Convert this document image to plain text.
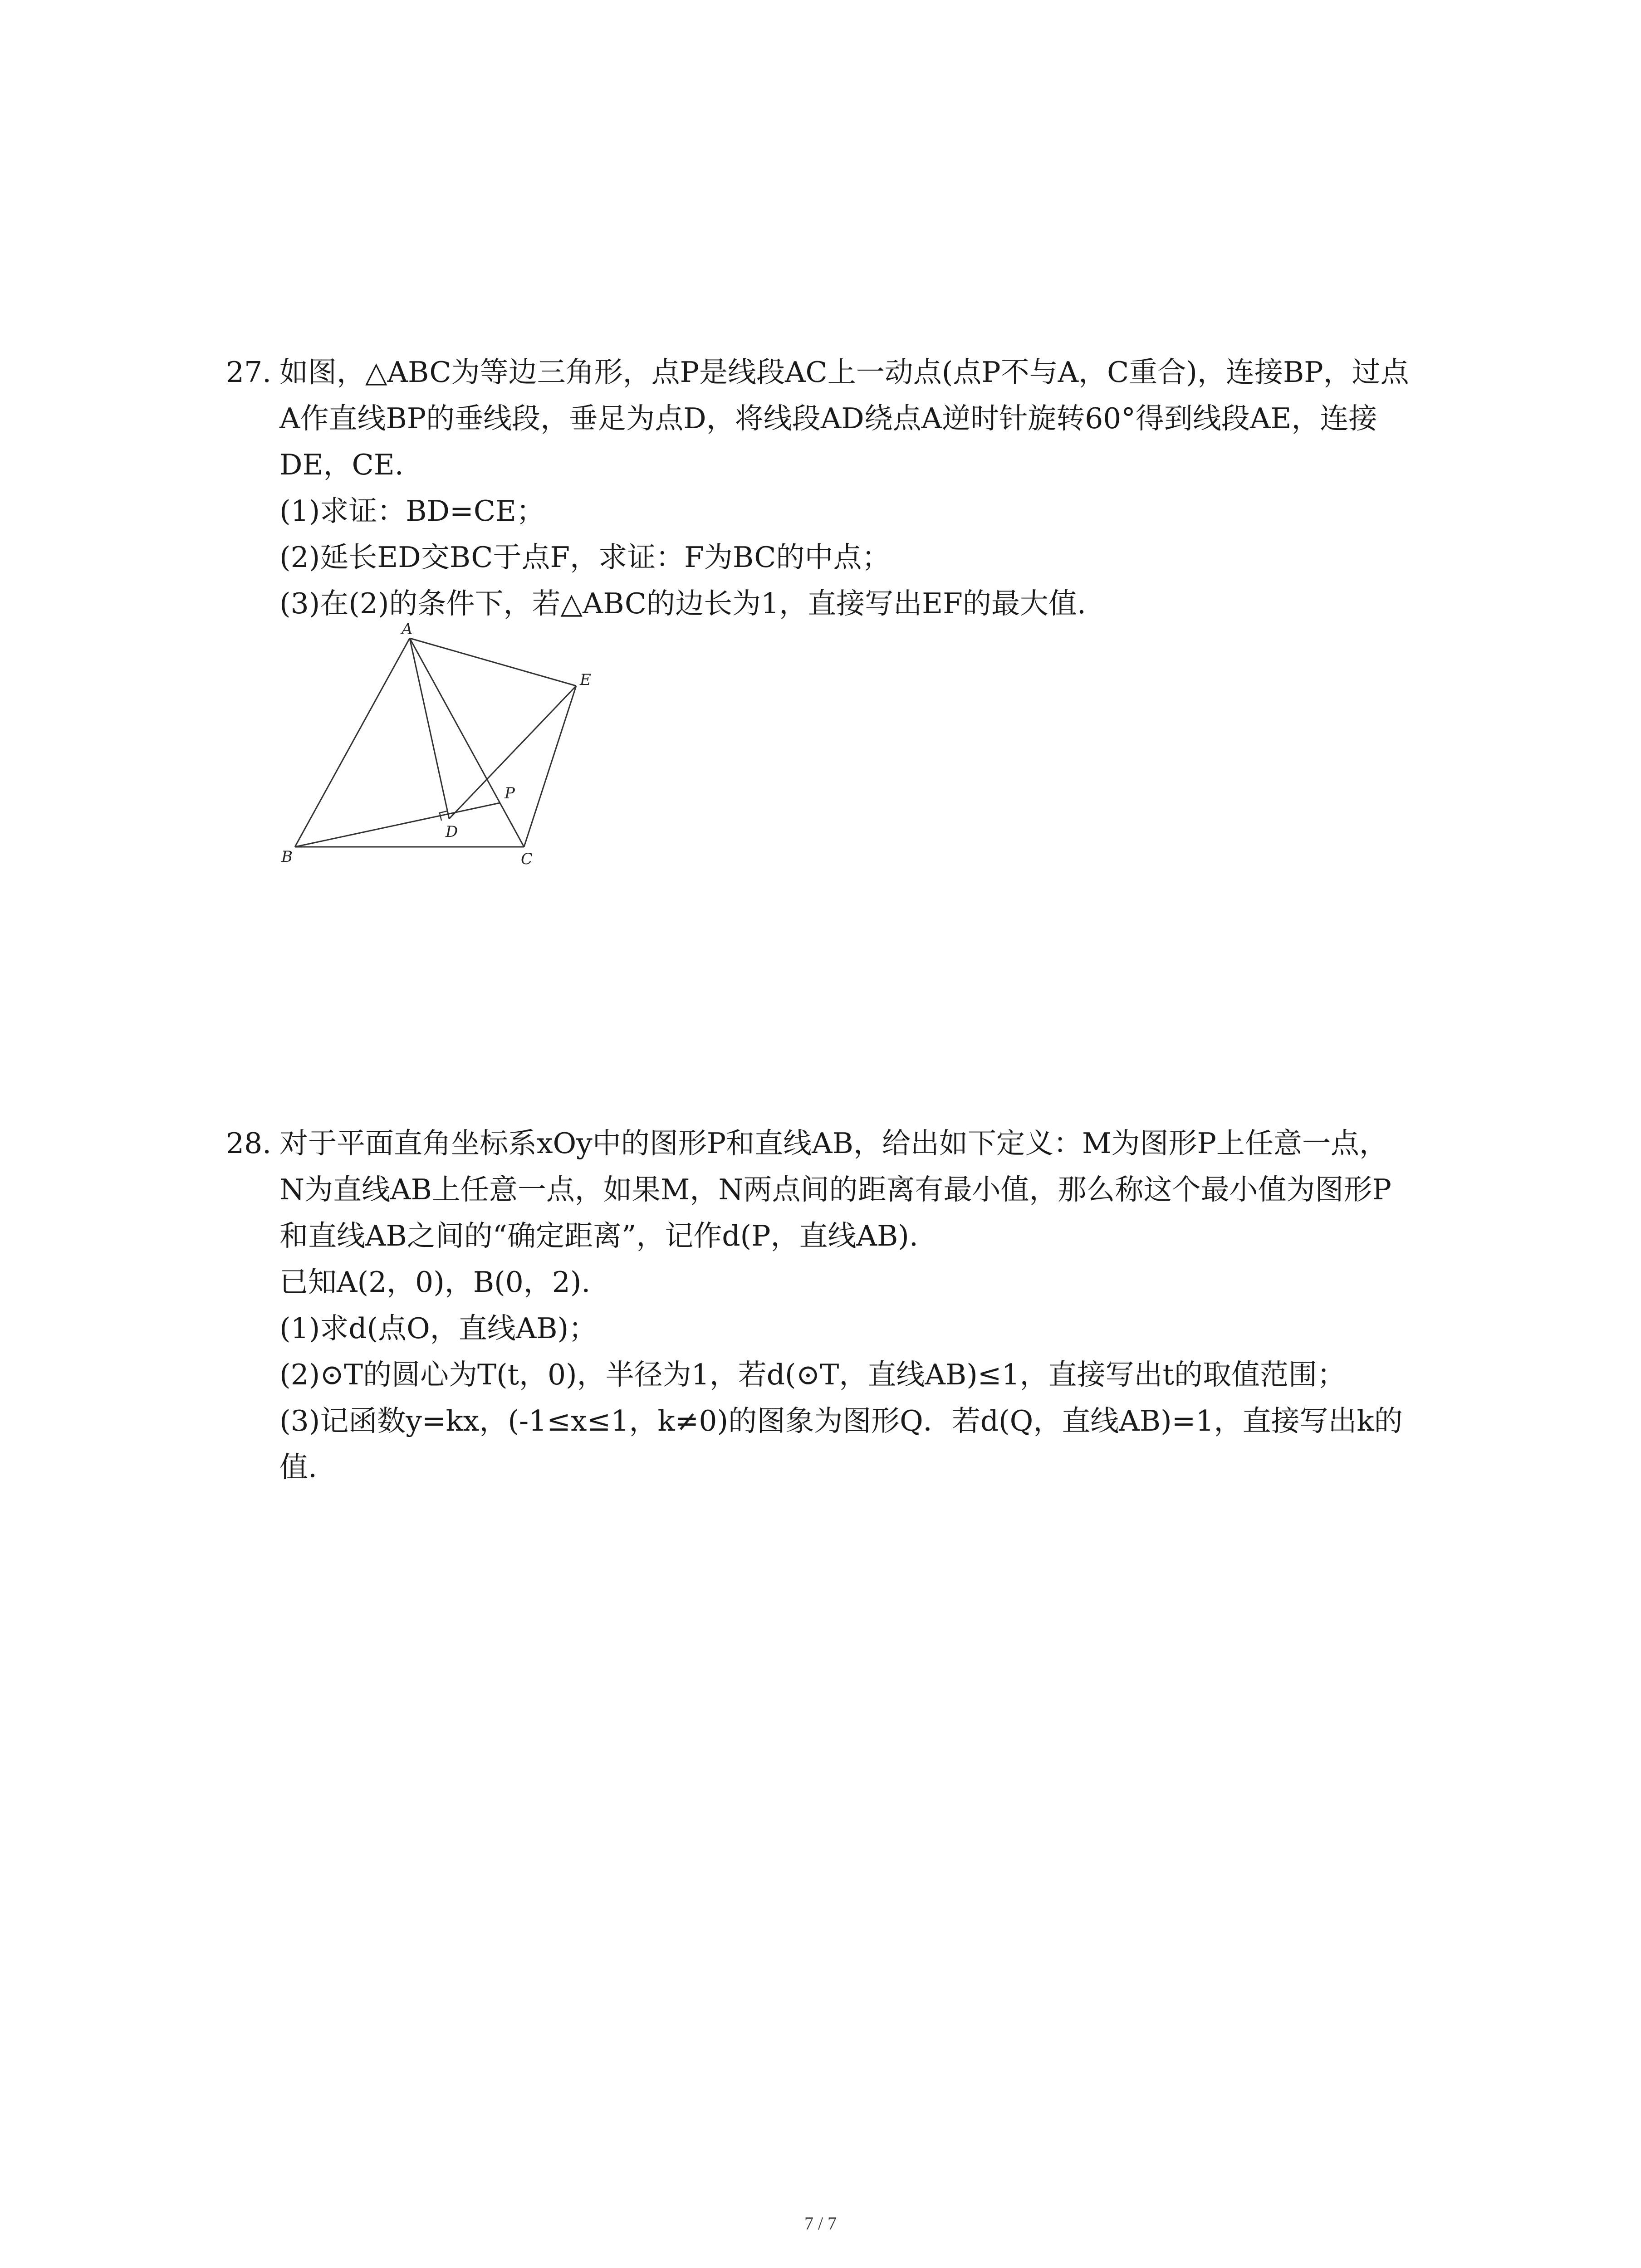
27. 如图，△ABC为等边三角形，点P是线段AC上一动点(点P不与A，C重合)，连接BP，过点
A作直线BP的垂线段，垂足为点D，将线段AD绕点A逆时针旋转60°得到线段AE，连接
DE，CE.
(1)求证：BD=CE；
(2)延长ED交BC于点F，求证：F为BC的中点；
(3)在(2)的条件下，若△ABC的边长为1，直接写出EF的最大值.
A
B	C
D
E
P
28. 对于平面直角坐标系xOy中的图形P和直线AB，给出如下定义：M为图形P上任意一点，
N为直线AB上任意一点，如果M，N两点间的距离有最小值，那么称这个最小值为图形P
和直线AB之间的“确定距离”，记作d(P，直线AB).
已知A(2，0)，B(0，2).
(1)求d(点O，直线AB)；
(2)⊙T的圆心为T(t，0)，半径为1，若d(⊙T，直线AB)≤1，直接写出t的取值范围；
(3)记函数y=kx，(-1≤x≤1，k≠0)的图象为图形Q．若d(Q，直线AB)=1，直接写出k的
值.
7 / 7
